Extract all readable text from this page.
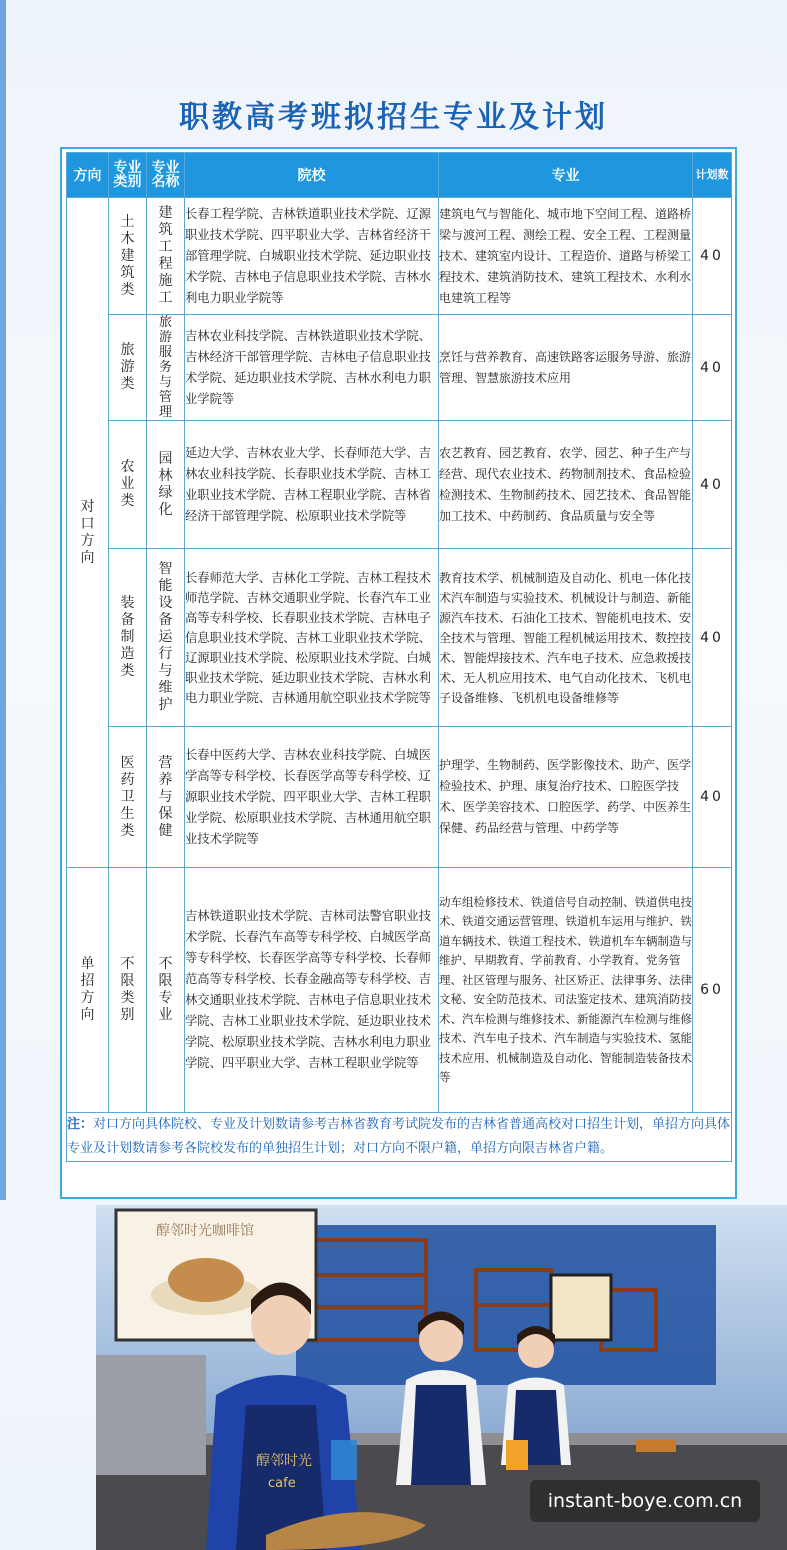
职教高考班拟招生专业及计划
方向	专业类别	专业名称	院校	专业	计划数
对口方向	土木建筑类	建筑工程施工	长春工程学院、吉林铁道职业技术学院、辽源职业技术学院、四平职业大学、吉林省经济干部管理学院、白城职业技术学院、延边职业技术学院、吉林电子信息职业技术学院、吉林水利电力职业学院等	建筑电气与智能化、城市地下空间工程、道路桥梁与渡河工程、测绘工程、安全工程、工程测量技术、建筑室内设计、工程造价、道路与桥梁工程技术、建筑消防技术、建筑工程技术、水利水电建筑工程等	40
	旅游类	旅游服务与管理	吉林农业科技学院、吉林铁道职业技术学院、吉林经济干部管理学院、吉林电子信息职业技术学院、延边职业技术学院、吉林水利电力职业学院等	烹饪与营养教育、高速铁路客运服务导游、旅游管理、智慧旅游技术应用	40
	农业类	园林绿化	延边大学、吉林农业大学、长春师范大学、吉林农业科技学院、长春职业技术学院、吉林工业职业技术学院、吉林工程职业学院、吉林省经济干部管理学院、松原职业技术学院等	农艺教育、园艺教育、农学、园艺、种子生产与经营、现代农业技术、药物制剂技术、食品检验检测技术、生物制药技术、园艺技术、食品智能加工技术、中药制药、食品质量与安全等	40
	装备制造类	智能设备运行与维护	长春师范大学、吉林化工学院、吉林工程技术师范学院、吉林交通职业学院、长春汽车工业高等专科学校、长春职业技术学院、吉林电子信息职业技术学院、吉林工业职业技术学院、辽源职业技术学院、松原职业技术学院、白城职业技术学院、延边职业技术学院、吉林水利电力职业学院、吉林通用航空职业技术学院等	教育技术学、机械制造及自动化、机电一体化技术汽车制造与实验技术、机械设计与制造、新能源汽车技术、石油化工技术、智能机电技术、安全技术与管理、智能工程机械运用技术、数控技术、智能焊接技术、汽车电子技术、应急救援技术、无人机应用技术、电气自动化技术、飞机电子设备维修、飞机机电设备维修等	40
	医药卫生类	营养与保健	长春中医药大学、吉林农业科技学院、白城医学高等专科学校、长春医学高等专科学校、辽源职业技术学院、四平职业大学、吉林工程职业学院、松原职业技术学院、吉林通用航空职业技术学院等	护理学、生物制药、医学影像技术、助产、医学检验技术、护理、康复治疗技术、口腔医学技术、医学美容技术、口腔医学、药学、中医养生保健、药品经营与管理、中药学等	40
单招方向	不限类别	不限专业	吉林铁道职业技术学院、吉林司法警官职业技术学院、长春汽车高等专科学校、白城医学高等专科学校、长春医学高等专科学校、长春师范高等专科学校、长春金融高等专科学校、吉林交通职业技术学院、吉林电子信息职业技术学院、吉林工业职业技术学院、延边职业技术学院、松原职业技术学院、吉林水利电力职业学院、四平职业大学、吉林工程职业学院等	动车组检修技术、铁道信号自动控制、铁道供电技术、铁道交通运营管理、铁道机车运用与维护、铁道车辆技术、铁道工程技术、铁道机车车辆制造与维护、早期教育、学前教育、小学教育、党务管理、社区管理与服务、社区矫正、法律事务、法律文秘、安全防范技术、司法鉴定技术、建筑消防技术、汽车检测与维修技术、新能源汽车检测与维修技术、汽车电子技术、汽车制造与实验技术、氢能技术应用、机械制造及自动化、智能制造装备技术等	60
注：对口方向具体院校、专业及计划数请参考吉林省教育考试院发布的吉林省普通高校对口招生计划，单招方向具体专业及计划数请参考各院校发布的单独招生计划；对口方向不限户籍，单招方向限吉林省户籍。					
醇邻时光咖啡馆
醇邻时光
cafe
instant-boye.com.cn
